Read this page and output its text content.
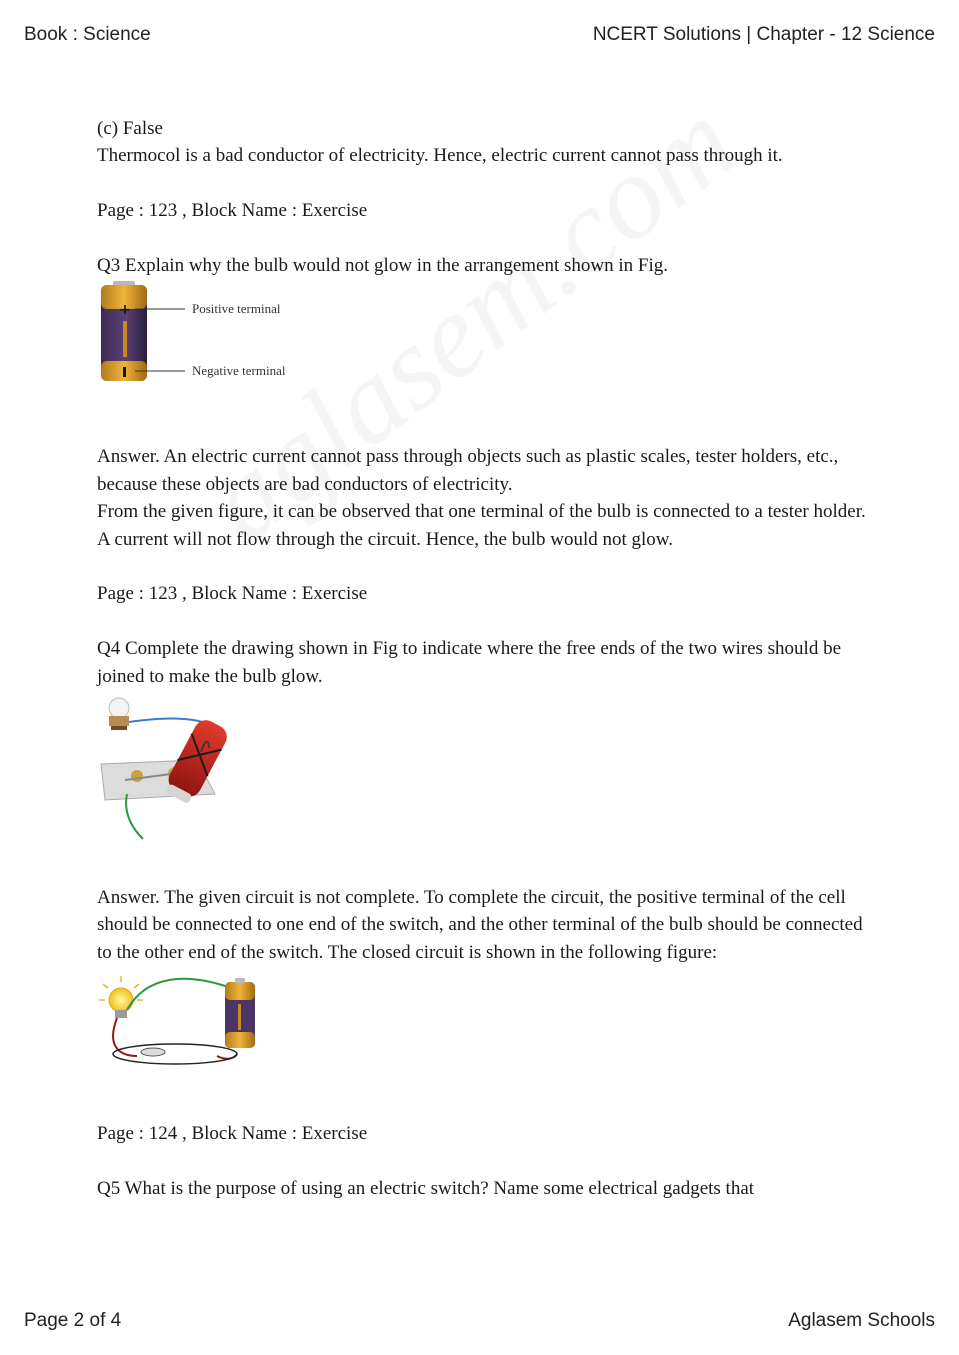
Book : Science	NCERT Solutions | Chapter - 12 Science

(c) False

Thermocol is a bad conductor of electricity. Hence, electric current cannot pass through it.

Page : 123 , Block Name : Exercise

Q3 Explain why the bulb would not glow in the arrangement shown in Fig.

+	Positive terminal
Negative terminal

Answer. An electric current cannot pass through objects such as plastic scales, tester holders, etc., because these objects are bad conductors of electricity.

From the given figure, it can be observed that one terminal of the bulb is connected to a tester holder. A current will not flow through the circuit. Hence, the bulb would not glow.

Page : 123 , Block Name : Exercise

Q4 Complete the drawing shown in Fig to indicate where the free ends of the two wires should be joined to make the bulb glow.

Answer. The given circuit is not complete. To complete the circuit, the positive terminal of the cell should be connected to one end of the switch, and the other terminal of the bulb should be connected to the other end of the switch. The closed circuit is shown in the following figure:

Page : 124 , Block Name : Exercise

Q5 What is the purpose of using an electric switch? Name some electrical gadgets that

Page 2 of 4	Aglasem Schools
